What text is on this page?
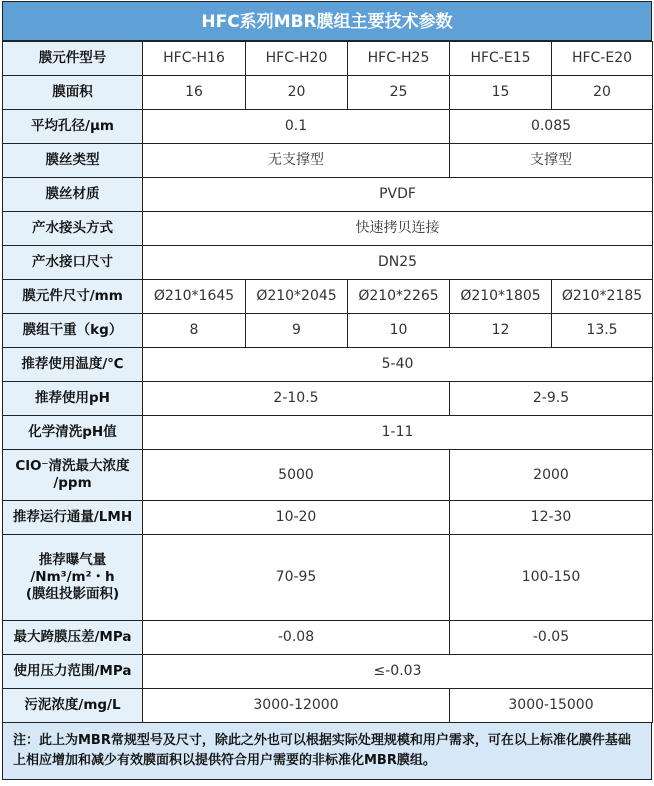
HFC系列MBR膜组主要技术参数
膜元件型号	HFC-H16	HFC-H20	HFC-H25	HFC-E15	HFC-E20
膜面积	16	20	25	15	20
平均孔径/μm	0.1			0.085	
膜丝类型	无支撑型			支撑型	
膜丝材质	PVDF				
产水接头方式	快速拷贝连接				
产水接口尺寸	DN25				
膜元件尺寸/mm	Ø210*1645	Ø210*2045	Ø210*2265	Ø210*1805	Ø210*2185
膜组干重（kg）	8	9	10	12	13.5
推荐使用温度/℃	5-40				
推荐使用pH	2-10.5			2-9.5	
化学清洗pH值	1-11				

ClO⁻清洗最大浓度
/ppm	5000			2000	
推荐运行通量/LMH	10-20			12-30	

推荐曝气量
/Nm³/m²・h
(膜组投影面积)	70-95			100-150	
最大跨膜压差/MPa	-0.08			-0.05	
使用压力范围/MPa	≤-0.03				
污泥浓度/mg/L	3000-12000			3000-15000	
注：此上为MBR常规型号及尺寸，除此之外也可以根据实际处理规模和用户需求，可在以上标准化膜件基础上相应增加和减少有效膜面积以提供符合用户需要的非标准化MBR膜组。
